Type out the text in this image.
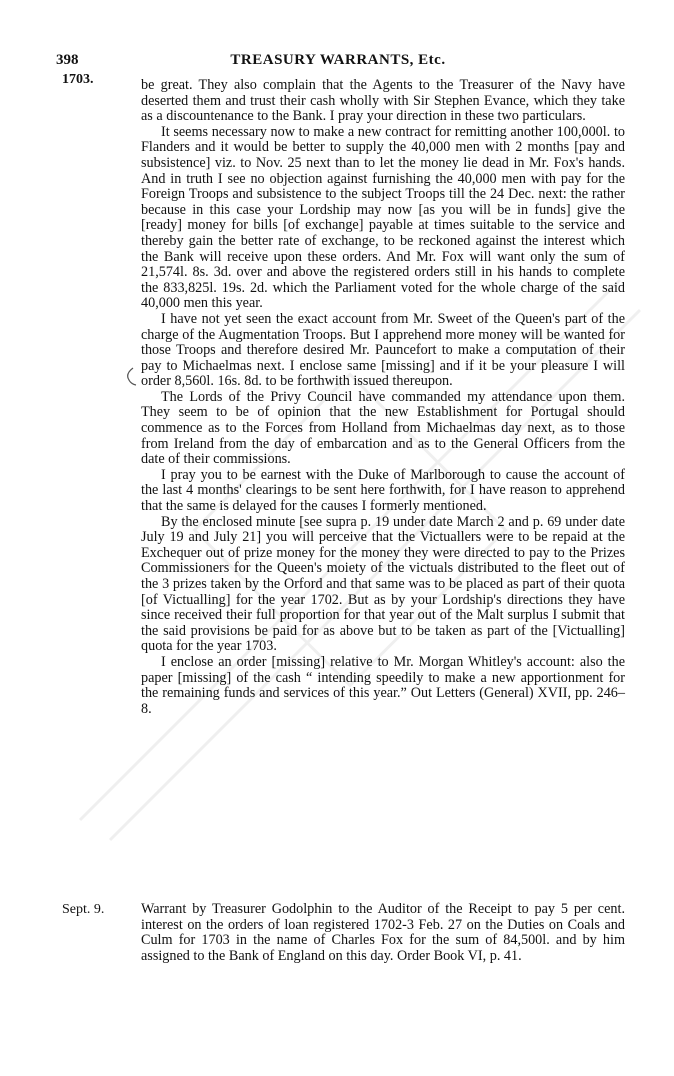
398	TREASURY WARRANTS, Etc.
1703.	be great. They also complain that the Agents to the Treasurer of the Navy have deserted them and trust their cash wholly with Sir Stephen Evance, which they take as a discountenance to the Bank. I pray your direction in these two particulars.

It seems necessary now to make a new contract for remitting another 100,000l. to Flanders and it would be better to supply the 40,000 men with 2 months [pay and subsistence] viz. to Nov. 25 next than to let the money lie dead in Mr. Fox's hands. And in truth I see no objection against furnishing the 40,000 men with pay for the Foreign Troops and subsistence to the subject Troops till the 24 Dec. next: the rather because in this case your Lordship may now [as you will be in funds] give the [ready] money for bills [of exchange] payable at times suitable to the service and thereby gain the better rate of exchange, to be reckoned against the interest which the Bank will receive upon these orders. And Mr. Fox will want only the sum of 21,574l. 8s. 3d. over and above the registered orders still in his hands to complete the 833,825l. 19s. 2d. which the Parliament voted for the whole charge of the said 40,000 men this year.

I have not yet seen the exact account from Mr. Sweet of the Queen's part of the charge of the Augmentation Troops. But I apprehend more money will be wanted for those Troops and therefore desired Mr. Pauncefort to make a computation of their pay to Michaelmas next. I enclose same [missing] and if it be your pleasure I will order 8,560l. 16s. 8d. to be forthwith issued thereupon.

The Lords of the Privy Council have commanded my attendance upon them. They seem to be of opinion that the new Establishment for Portugal should commence as to the Forces from Holland from Michaelmas day next, as to those from Ireland from the day of embarcation and as to the General Officers from the date of their commissions.

I pray you to be earnest with the Duke of Marlborough to cause the account of the last 4 months' clearings to be sent here forthwith, for I have reason to apprehend that the same is delayed for the causes I formerly mentioned.

By the enclosed minute [see supra p. 19 under date March 2 and p. 69 under date July 19 and July 21] you will perceive that the Victuallers were to be repaid at the Exchequer out of prize money for the money they were directed to pay to the Prizes Commissioners for the Queen's moiety of the victuals distributed to the fleet out of the 3 prizes taken by the Orford and that same was to be placed as part of their quota [of Victualling] for the year 1702. But as by your Lordship's directions they have since received their full proportion for that year out of the Malt surplus I submit that the said provisions be paid for as above but to be taken as part of the [Victualling] quota for the year 1703.

I enclose an order [missing] relative to Mr. Morgan Whitley's account: also the paper [missing] of the cash “ intending speedily to make a new apportionment for the remaining funds and services of this year.” Out Letters (General) XVII, pp. 246–8.

Sept. 9.	Warrant by Treasurer Godolphin to the Auditor of the Receipt to pay 5 per cent. interest on the orders of loan registered 1702-3 Feb. 27 on the Duties on Coals and Culm for 1703 in the name of Charles Fox for the sum of 84,500l. and by him assigned to the Bank of England on this day. Order Book VI, p. 41.
